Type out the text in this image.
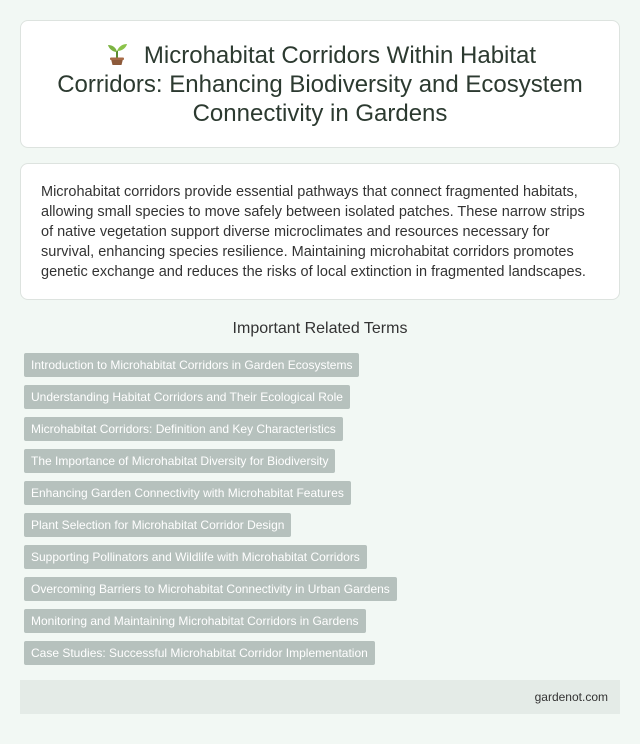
Microhabitat Corridors Within Habitat Corridors: Enhancing Biodiversity and Ecosystem Connectivity in Gardens

Microhabitat corridors provide essential pathways that connect fragmented habitats, allowing small species to move safely between isolated patches. These narrow strips of native vegetation support diverse microclimates and resources necessary for survival, enhancing species resilience. Maintaining microhabitat corridors promotes genetic exchange and reduces the risks of local extinction in fragmented landscapes.

Important Related Terms
Introduction to Microhabitat Corridors in Garden Ecosystems
Understanding Habitat Corridors and Their Ecological Role
Microhabitat Corridors: Definition and Key Characteristics
The Importance of Microhabitat Diversity for Biodiversity
Enhancing Garden Connectivity with Microhabitat Features
Plant Selection for Microhabitat Corridor Design
Supporting Pollinators and Wildlife with Microhabitat Corridors
Overcoming Barriers to Microhabitat Connectivity in Urban Gardens
Monitoring and Maintaining Microhabitat Corridors in Gardens
Case Studies: Successful Microhabitat Corridor Implementation
gardenot.com
